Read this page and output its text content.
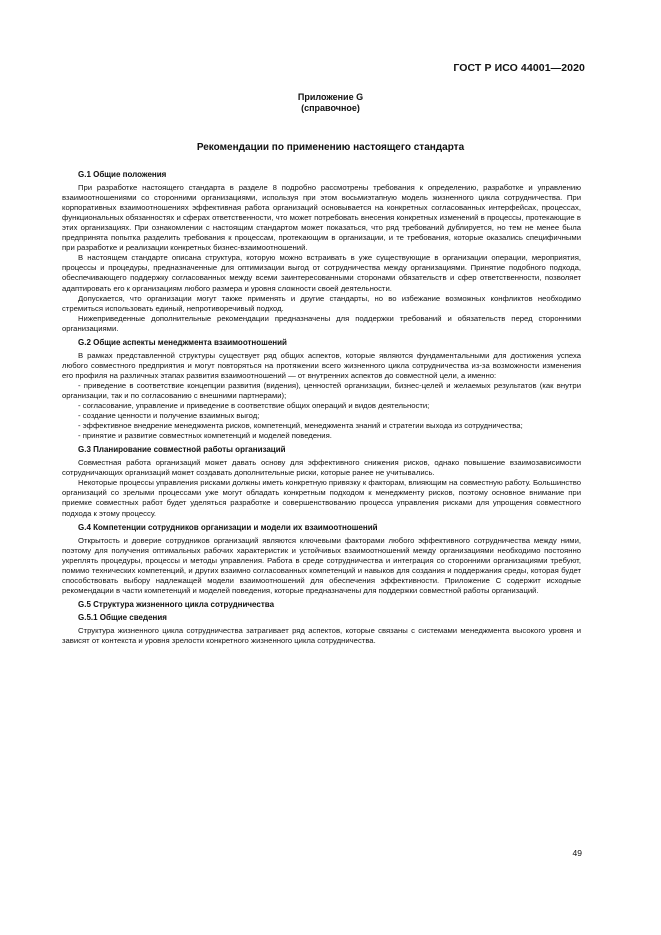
ГОСТ Р ИСО 44001—2020
Приложение G
(справочное)
Рекомендации по применению настоящего стандарта
G.1 Общие положения

При разработке настоящего стандарта в разделе 8 подробно рассмотрены требования к определению, разработке и управлению взаимоотношениями со сторонними организациями, используя при этом восьмиэтапную модель жизненного цикла сотрудничества. При корпоративных взаимоотношениях эффективная работа организаций основывается на конкретных согласованных интерфейсах, процессах, функциональных обязанностях и сферах ответственности, что может потребовать внесения конкретных изменений в процессы, протекающие в этих организациях. При ознакомлении с настоящим стандартом может показаться, что ряд требований дублируется, но тем не менее была предпринята попытка разделить требования к процессам, протекающим в организации, и те требования, которые оказались специфичными при разработке и реализации конкретных бизнес-взаимоотношений.

В настоящем стандарте описана структура, которую можно встраивать в уже существующие в организации операции, мероприятия, процессы и процедуры, предназначенные для оптимизации выгод от сотрудничества между организациями. Принятие подобного подхода, обеспечивающего поддержку согласованных между всеми заинтересованными сторонами обязательств и сфер ответственности, позволяет адаптировать его к организациям любого размера и уровня сложности своей деятельности.

Допускается, что организации могут также применять и другие стандарты, но во избежание возможных конфликтов необходимо стремиться использовать единый, непротиворечивый подход.

Нижеприведенные дополнительные рекомендации предназначены для поддержки требований и обязательств перед сторонними организациями.

G.2 Общие аспекты менеджмента взаимоотношений

В рамках представленной структуры существует ряд общих аспектов, которые являются фундаментальными для достижения успеха любого совместного предприятия и могут повторяться на протяжении всего жизненного цикла сотрудничества из-за возможности изменения его профиля на различных этапах развития взаимоотношений — от внутренних аспектов до совместной цели, а именно:

- приведение в соответствие концепции развития (видения), ценностей организации, бизнес-целей и желаемых результатов (как внутри организации, так и по согласованию с внешними партнерами);

- согласование, управление и приведение в соответствие общих операций и видов деятельности;

- создание ценности и получение взаимных выгод;

- эффективное внедрение менеджмента рисков, компетенций, менеджмента знаний и стратегии выхода из сотрудничества;

- принятие и развитие совместных компетенций и моделей поведения.

G.3 Планирование совместной работы организаций

Совместная работа организаций может давать основу для эффективного снижения рисков, однако повышение взаимозависимости сотрудничающих организаций может создавать дополнительные риски, которые ранее не учитывались.

Некоторые процессы управления рисками должны иметь конкретную привязку к факторам, влияющим на совместную работу. Большинство организаций со зрелыми процессами уже могут обладать конкретным подходом к менеджменту рисков, поэтому основное внимание при приемке совместных работ будет уделяться разработке и совершенствованию процесса управления рисками для упрощения совместного подхода к этому процессу.

G.4 Компетенции сотрудников организации и модели их взаимоотношений

Открытость и доверие сотрудников организаций являются ключевыми факторами любого эффективного сотрудничества между ними, поэтому для получения оптимальных рабочих характеристик и устойчивых взаимоотношений между организациями необходимо постоянно укреплять процедуры, процессы и методы управления. Работа в среде сотрудничества и интеграция со сторонними организациями требуют, помимо технических компетенций, и других взаимно согласованных компетенций и навыков для создания и поддержания среды, которая будет способствовать выбору надлежащей модели взаимоотношений для обеспечения эффективности. Приложение С содержит исходные рекомендации в части компетенций и моделей поведения, которые предназначены для поддержки совместной работы организаций.

G.5 Структура жизненного цикла сотрудничества
G.5.1 Общие сведения

Структура жизненного цикла сотрудничества затрагивает ряд аспектов, которые связаны с системами менеджмента высокого уровня и зависят от контекста и уровня зрелости конкретного жизненного цикла сотрудничества.

49
